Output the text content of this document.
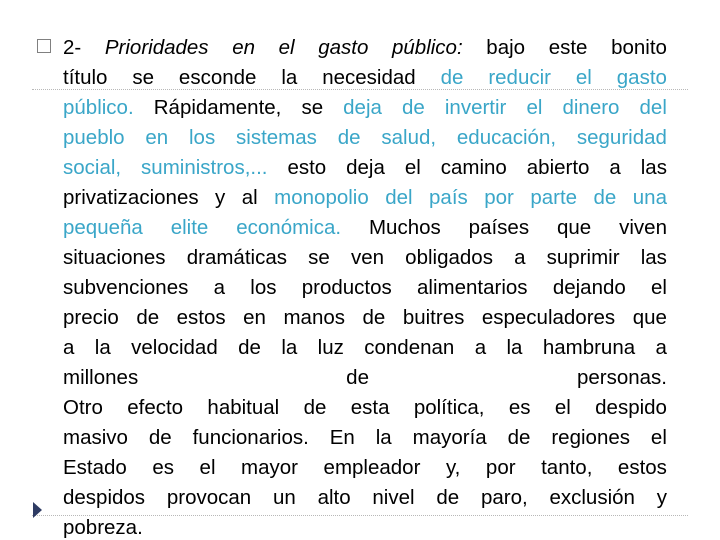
2- Prioridades en el gasto público: bajo este bonito
título se esconde la necesidad de reducir el gasto
público. Rápidamente, se deja de invertir el dinero del
pueblo en los sistemas de salud, educación, seguridad
social, suministros,... esto deja el camino abierto a las
privatizaciones y al monopolio del país por parte de una
pequeña elite económica. Muchos países que viven
situaciones dramáticas se ven obligados a suprimir las
subvenciones a los productos alimentarios dejando el
precio de estos en manos de buitres especuladores que
a la velocidad de la luz condenan a la hambruna a
millones	de	personas.
Otro efecto habitual de esta política, es el despido
masivo de funcionarios. En la mayoría de regiones el
Estado es el mayor empleador y, por tanto, estos
despidos provocan un alto nivel de paro, exclusión y
pobreza.
